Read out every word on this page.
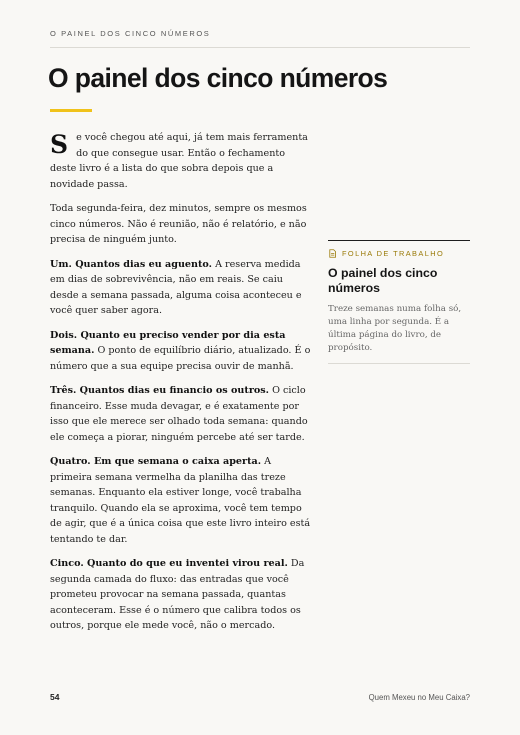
O PAINEL DOS CINCO NÚMEROS
O painel dos cinco números

Se você chegou até aqui, já tem mais ferramenta do que consegue usar. Então o fechamento deste livro é a lista do que sobra depois que a novidade passa.

Toda segunda-feira, dez minutos, sempre os mesmos cinco números. Não é reunião, não é relatório, e não precisa de ninguém junto.

Um. Quantos dias eu aguento. A reserva medida em dias de sobrevivência, não em reais. Se caiu desde a semana passada, alguma coisa aconteceu e você quer saber agora.

Dois. Quanto eu preciso vender por dia esta semana. O ponto de equilíbrio diário, atualizado. É o número que a sua equipe precisa ouvir de manhã.

Três. Quantos dias eu financio os outros. O ciclo financeiro. Esse muda devagar, e é exatamente por isso que ele merece ser olhado toda semana: quando ele começa a piorar, ninguém percebe até ser tarde.

Quatro. Em que semana o caixa aperta. A primeira semana vermelha da planilha das treze semanas. Enquanto ela estiver longe, você trabalha tranquilo. Quando ela se aproxima, você tem tempo de agir, que é a única coisa que este livro inteiro está tentando te dar.

Cinco. Quanto do que eu inventei virou real. Da segunda camada do fluxo: das entradas que você prometeu provocar na semana passada, quantas aconteceram. Esse é o número que calibra todos os outros, porque ele mede você, não o mercado.

FOLHA DE TRABALHO
O painel dos cinco números
Treze semanas numa folha só, uma linha por segunda. É a última página do livro, de propósito.
54	Quem Mexeu no Meu Caixa?
